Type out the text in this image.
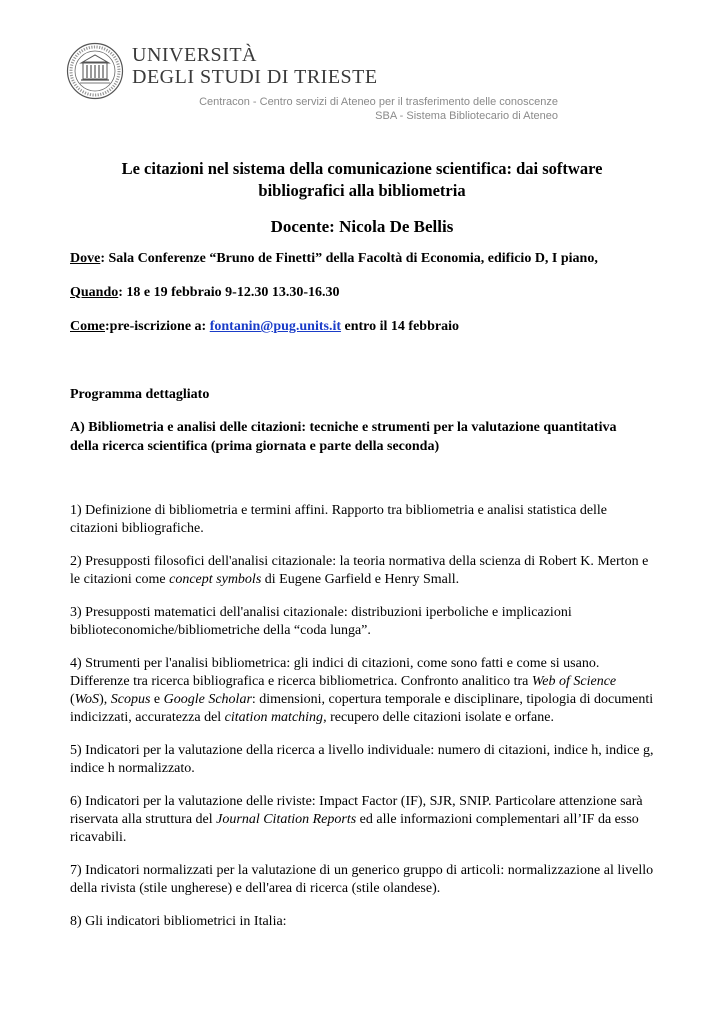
UNIVERSITÀ
DEGLI STUDI DI TRIESTE
Centracon - Centro servizi di Ateneo per il trasferimento delle conoscenze
SBA - Sistema Bibliotecario di Ateneo
Le citazioni nel sistema della comunicazione scientifica: dai software
bibliografici alla bibliometria
Docente: Nicola De Bellis
Dove: Sala Conferenze “Bruno de Finetti” della Facoltà di Economia, edificio D, I piano,
Quando: 18 e 19 febbraio 9-12.30 13.30-16.30
Come:pre-iscrizione a: fontanin@pug.units.it entro il 14 febbraio
Programma dettagliato
A) Bibliometria e analisi delle citazioni: tecniche e strumenti per la valutazione quantitativa
della ricerca scientifica (prima giornata e parte della seconda)

1) Definizione di bibliometria e termini affini. Rapporto tra bibliometria e analisi statistica delle citazioni bibliografiche.

2) Presupposti filosofici dell'analisi citazionale: la teoria normativa della scienza di Robert K. Merton e le citazioni come concept symbols di Eugene Garfield e Henry Small.

3) Presupposti matematici dell'analisi citazionale: distribuzioni iperboliche e implicazioni biblioteconomiche/bibliometriche della “coda lunga”.

4) Strumenti per l'analisi bibliometrica: gli indici di citazioni, come sono fatti e come si usano. Differenze tra ricerca bibliografica e ricerca bibliometrica. Confronto analitico tra Web of Science (WoS), Scopus e Google Scholar: dimensioni, copertura temporale e disciplinare, tipologia di documenti indicizzati, accuratezza del citation matching, recupero delle citazioni isolate e orfane.

5) Indicatori per la valutazione della ricerca a livello individuale: numero di citazioni, indice h, indice g, indice h normalizzato.

6) Indicatori per la valutazione delle riviste: Impact Factor (IF), SJR, SNIP. Particolare attenzione sarà riservata alla struttura del Journal Citation Reports ed alle informazioni complementari all’IF da esso ricavabili.

7) Indicatori normalizzati per la valutazione di un generico gruppo di articoli: normalizzazione al livello della rivista (stile ungherese) e dell'area di ricerca (stile olandese).

8) Gli indicatori bibliometrici in Italia:
